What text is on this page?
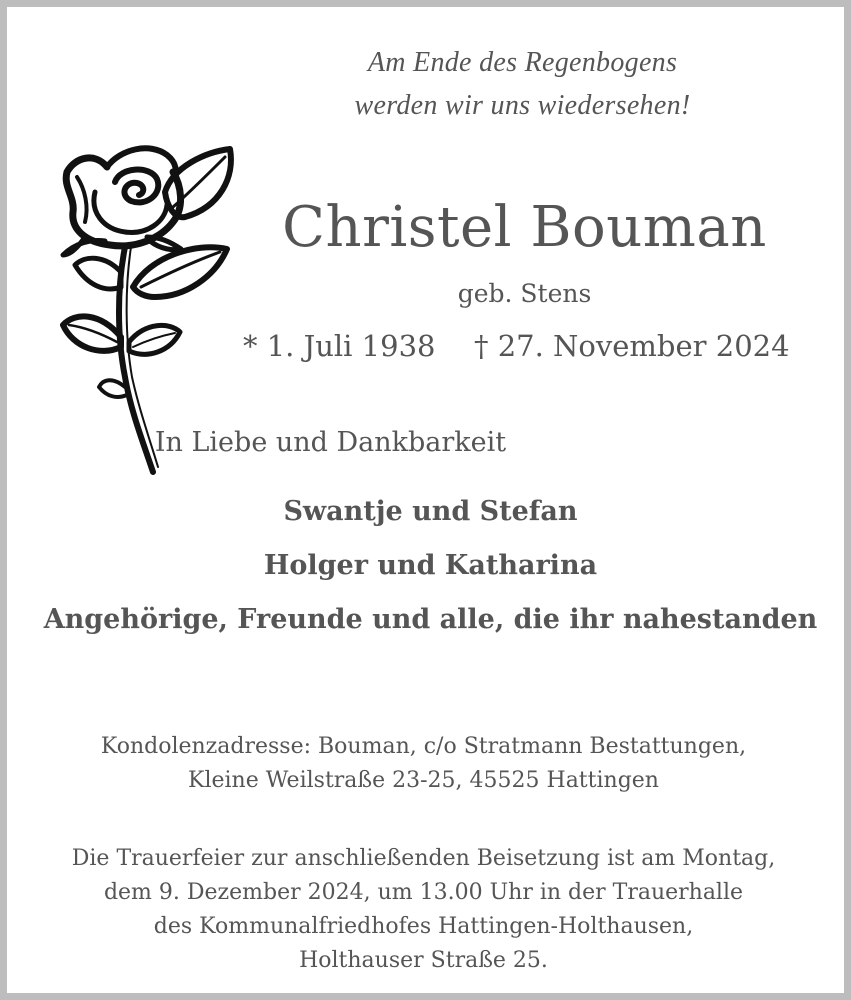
Am Ende des Regenbogens
werden wir uns wiedersehen!
Christel Bouman
geb. Stens
* 1. Juli 1938 † 27. November 2024
In Liebe und Dankbarkeit
Swantje und Stefan
Holger und Katharina
Angehörige, Freunde und alle, die ihr nahestanden
Kondolenzadresse: Bouman, c/o Stratmann Bestattungen,
Kleine Weilstraße 23-25, 45525 Hattingen
Die Trauerfeier zur anschließenden Beisetzung ist am Montag,
dem 9. Dezember 2024, um 13.00 Uhr in der Trauerhalle
des Kommunalfriedhofes Hattingen-Holthausen,
Holthauser Straße 25.
